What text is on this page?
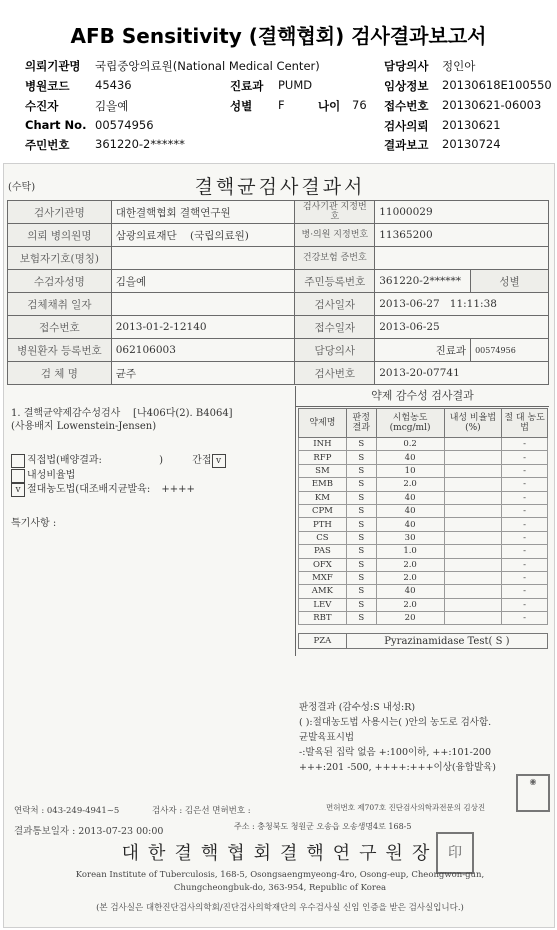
AFB Sensitivity (결핵협회) 검사결과보고서
의뢰기관명 국립중앙의료원(National Medical Center)
병원코드 45436
수진자	김을예
Chart No. 00574956
주민번호 361220-2******
진료과 PUMD
성별 F	나이 76
담당의사 정인아
임상정보 20130618E100550
접수번호 20130621-06003
검사의뢰 20130621
결과보고 20130724
(수탁)	결핵균검사결과서
검사기관명	대한결핵협회 결핵연구원	검사기관 지정번호	11000029	
의뢰 병의원명	삼광의료재단 (국립의료원)	병·의원 지정번호	11365200	
보험자기호(명칭)		건강보험 증번호		
수검자성명	김을예	주민등록번호	361220-2******	성별
검체채취 일자		검사일자	2013-06-27 11:11:38	
접수번호	2013-01-2-12140	접수일자	2013-06-25	
병원환자 등록번호	062106003	담당의사	진료과	00574956
검 체 명	균주	검사번호	2013-20-07741	
1. 결핵균약제감수성검사 [나406다(2). B4064]
(사용배지 Lowenstein-Jensen)
직접법(배양결과:	)	간접 v
내성비율법
v 절대농도법(대조배지균발육: ++++
특기사항 :
약제 감수성 검사결과
약제명	판정 결과	시험농도 (mcg/ml)	내성 비율법(%)	절 대 농도법
INH	S	0.2		-
RFP	S	40		-
SM	S	10		-
EMB	S	2.0		-
KM	S	40		-
CPM	S	40		-
PTH	S	40		-
CS	S	30		-
PAS	S	1.0		-
OFX	S	2.0		-
MXF	S	2.0		-
AMK	S	40		-
LEV	S	2.0		-
RBT	S	20		-

PZA	Pyrazinamidase Test( S )			
판정결과 (감수성:S 내성:R)
( ):절대농도법 사용시는( )안의 농도로 검사함.
균발육표시법
-:발육된 집락 없음 +:100이하, ++:101-200
+++:201 -500, ++++:+++이상(융합발육)
◉
연락처 : 043-249-4941~5	검사자 : 김은선 면허번호 :	면허번호 제707호 진단검사의학과전문의 김상진
결과통보일자 : 2013-07-23 00:00	주소 : 충청북도 청원군 오송읍 오송생명4로 168-5
대한결핵협회결핵연구원장 印
Korean Institute of Tuberculosis, 168-5, Osongsaengmyeong-4ro, Osong-eup, Cheongwon-gun,
Chungcheongbuk-do, 363-954, Republic of Korea
(본 검사실은 대한진단검사의학회/진단검사의학재단의 우수검사실 신임 인증을 받은 검사실입니다.)
